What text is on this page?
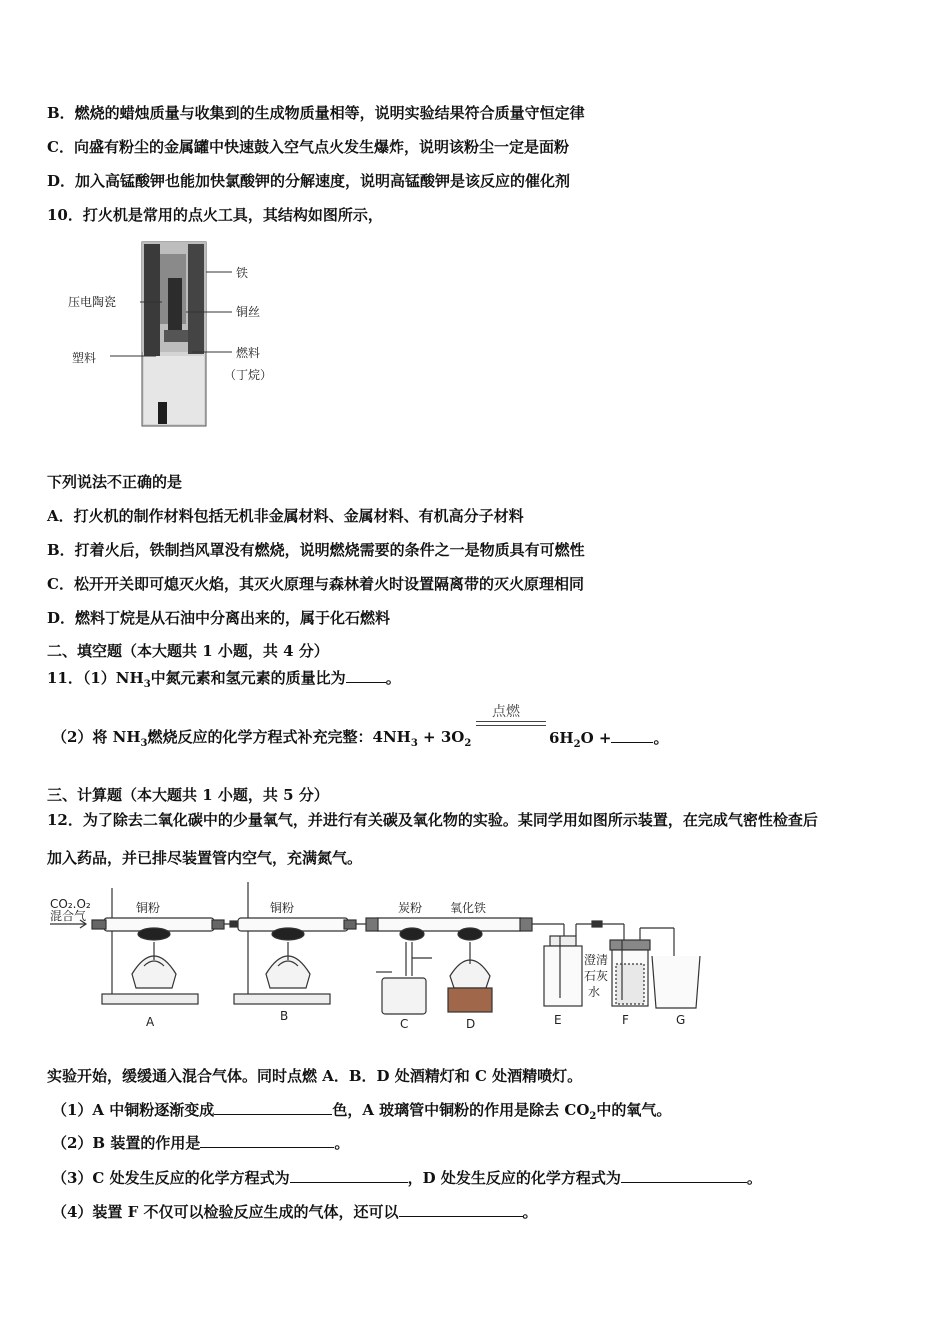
B．燃烧的蜡烛质量与收集到的生成物质量相等，说明实验结果符合质量守恒定律
C．向盛有粉尘的金属罐中快速鼓入空气点火发生爆炸，说明该粉尘一定是面粉
D．加入高锰酸钾也能加快氯酸钾的分解速度，说明高锰酸钾是该反应的催化剂
10．打火机是常用的点火工具，其结构如图所示，
铁
压电陶瓷
铜丝
塑料	燃料
（丁烷）
下列说法不正确的是
A．打火机的制作材料包括无机非金属材料、金属材料、有机高分子材料
B．打着火后，铁制挡风罩没有燃烧，说明燃烧需要的条件之一是物质具有可燃性
C．松开开关即可熄灭火焰，其灭火原理与森林着火时设置隔离带的灭火原理相同
D．燃料丁烷是从石油中分离出来的，属于化石燃料
二、填空题（本大题共 1 小题，共 4 分）
11．$(1)NH_3$中氮元素和氢元素的质量比为	。
（2）将 $NH_3$燃烧反应的化学方程式补充完整：$4NH_3 + 3O_2$
点燃
$6H_2O$ +	。
三、计算题（本大题共 1 小题，共 5 分）
12．为了除去二氧化碳中的少量氧气，并进行有关碳及氧化物的实验。某同学用如图所示装置，在完成气密性检查后
加入药品，并已排尽装置管内空气，充满氮气。
CO₂.O₂
混合气
铜粉	铜粉	炭粉 氧化铁
澄清
石灰
水
A	B
C	D	E	F	G
实验开始，缓缓通入混合气体。同时点燃 A．B．D 处酒精灯和 C 处酒精喷灯。
（1）A 中铜粉逐渐变成	色，A 玻璃管中铜粉的作用是除去 $CO_2$中的氧气。
（2）B 装置的作用是	。
（3）C 处发生反应的化学方程式为	，D 处发生反应的化学方程式为	。
（4）装置 F 不仅可以检验反应生成的气体，还可以	。
